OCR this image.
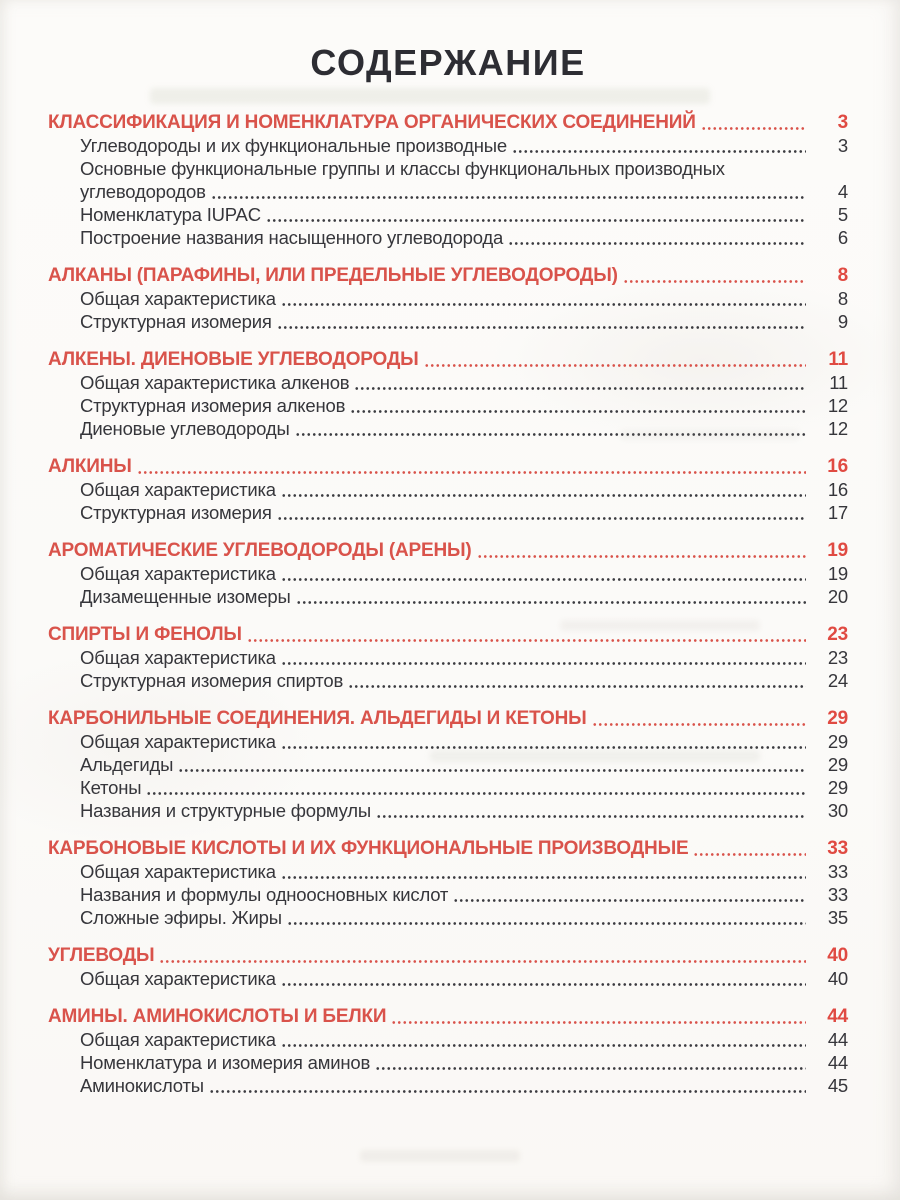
СОДЕРЖАНИЕ
КЛАССИФИКАЦИЯ И НОМЕНКЛАТУРА ОРГАНИЧЕСКИХ СОЕДИНЕНИЙ	3
Углеводороды и их функциональные производные	3
Основные функциональные группы и классы функциональных производных
углеводородов	4
Номенклатура IUPAC	5
Построение названия насыщенного углеводорода	6
АЛКАНЫ (ПАРАФИНЫ, ИЛИ ПРЕДЕЛЬНЫЕ УГЛЕВОДОРОДЫ)	8
Общая характеристика	8
Структурная изомерия	9
АЛКЕНЫ. ДИЕНОВЫЕ УГЛЕВОДОРОДЫ	11
Общая характеристика алкенов	11
Структурная изомерия алкенов	12
Диеновые углеводороды	12
АЛКИНЫ	16
Общая характеристика	16
Структурная изомерия	17
АРОМАТИЧЕСКИЕ УГЛЕВОДОРОДЫ (АРЕНЫ)	19
Общая характеристика	19
Дизамещенные изомеры	20
СПИРТЫ И ФЕНОЛЫ	23
Общая характеристика	23
Структурная изомерия спиртов	24
КАРБОНИЛЬНЫЕ СОЕДИНЕНИЯ. АЛЬДЕГИДЫ И КЕТОНЫ	29
Общая характеристика	29
Альдегиды	29
Кетоны	29
Названия и структурные формулы	30
КАРБОНОВЫЕ КИСЛОТЫ И ИХ ФУНКЦИОНАЛЬНЫЕ ПРОИЗВОДНЫЕ	33
Общая характеристика	33
Названия и формулы одноосновных кислот	33
Сложные эфиры. Жиры	35
УГЛЕВОДЫ	40
Общая характеристика	40
АМИНЫ. АМИНОКИСЛОТЫ И БЕЛКИ	44
Общая характеристика	44
Номенклатура и изомерия аминов	44
Аминокислоты	45
